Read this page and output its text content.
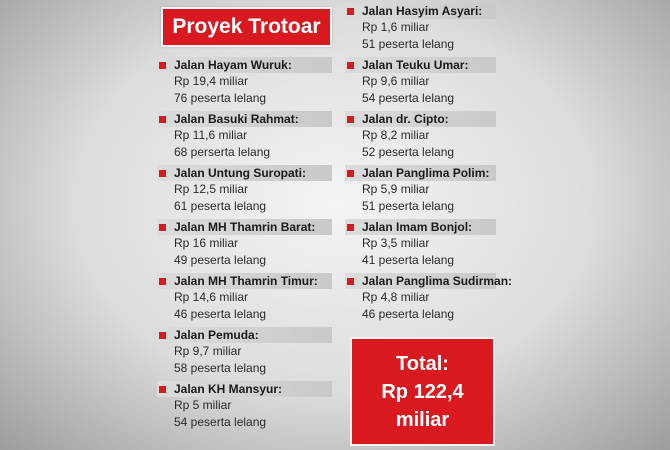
Proyek Trotoar
Jalan Hayam Wuruk:
Rp 19,4 miliar
76 peserta lelang
Jalan Basuki Rahmat:
Rp 11,6 miliar
68 perserta lelang
Jalan Untung Suropati:
Rp 12,5 miliar
61 peserta lelang
Jalan MH Thamrin Barat:
Rp 16 miliar
49 peserta lelang
Jalan MH Thamrin Timur:
Rp 14,6 miliar
46 peserta lelang
Jalan Pemuda:
Rp 9,7 miliar
58 peserta lelang
Jalan KH Mansyur:
Rp 5 miliar
54 peserta lelang
Jalan Hasyim Asyari:
Rp 1,6 miliar
51 peserta lelang
Jalan Teuku Umar:
Rp 9,6 miliar
54 peserta lelang
Jalan dr. Cipto:
Rp 8,2 miliar
52 peserta lelang
Jalan Panglima Polim:
Rp 5,9 miliar
51 peserta lelang
Jalan Imam Bonjol:
Rp 3,5 miliar
41 peserta lelang
Jalan Panglima Sudirman:
Rp 4,8 miliar
46 peserta lelang
Total:
Rp 122,4
miliar
